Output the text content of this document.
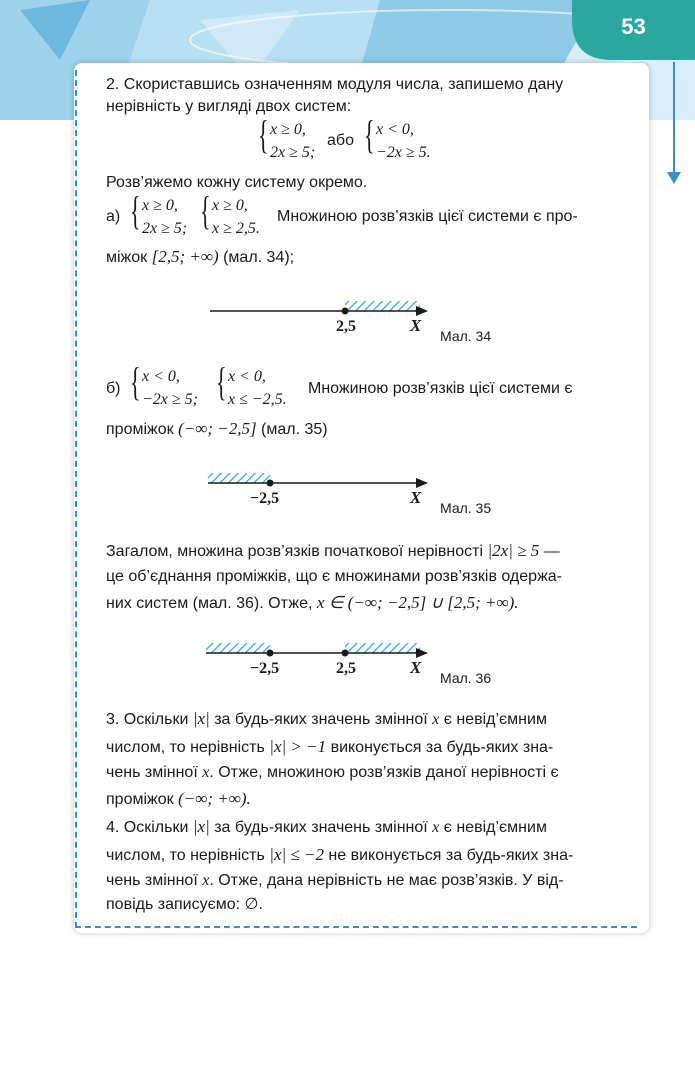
53
2. Скориставшись означенням модуля числа, запишемо дану
нерівність у вигляді двох систем:
{ x ≥ 0,
2x ≥ 5;
або { x < 0,
−2x ≥ 5.
Розв’яжемо кожну систему окремо.
а) { x ≥ 0,
2x ≥ 5; { x ≥ 0,
x ≥ 2,5.
Множиною розв’язків цієї системи є про-
міжок [2,5; +∞) (мал. 34);
2,5	X
Мал. 34
б) { x < 0,
−2x ≥ 5; { x < 0,
x ≤ −2,5.
Множиною розв’язків цієї системи є
проміжок (−∞; −2,5] (мал. 35)
−2,5	X
Мал. 35
Загалом, множина розв’язків початкової нерівності |2x| ≥ 5 —
це об’єднання проміжків, що є множинами розв’язків одержа-
них систем (мал. 36). Отже, x ∈ (−∞; −2,5] ∪ [2,5; +∞).
−2,5	2,5	X
Мал. 36
3. Оскільки |x| за будь-яких значень змінної x є невід’ємним
числом, то нерівність |x| > −1 виконується за будь-яких зна-
чень змінної x. Отже, множиною розв’язків даної нерівності є
проміжок (−∞; +∞).
4. Оскільки |x| за будь-яких значень змінної x є невід’ємним
числом, то нерівність |x| ≤ −2 не виконується за будь-яких зна-
чень змінної x. Отже, дана нерівність не має розв’язків. У від-
повідь записуємо: ∅.
